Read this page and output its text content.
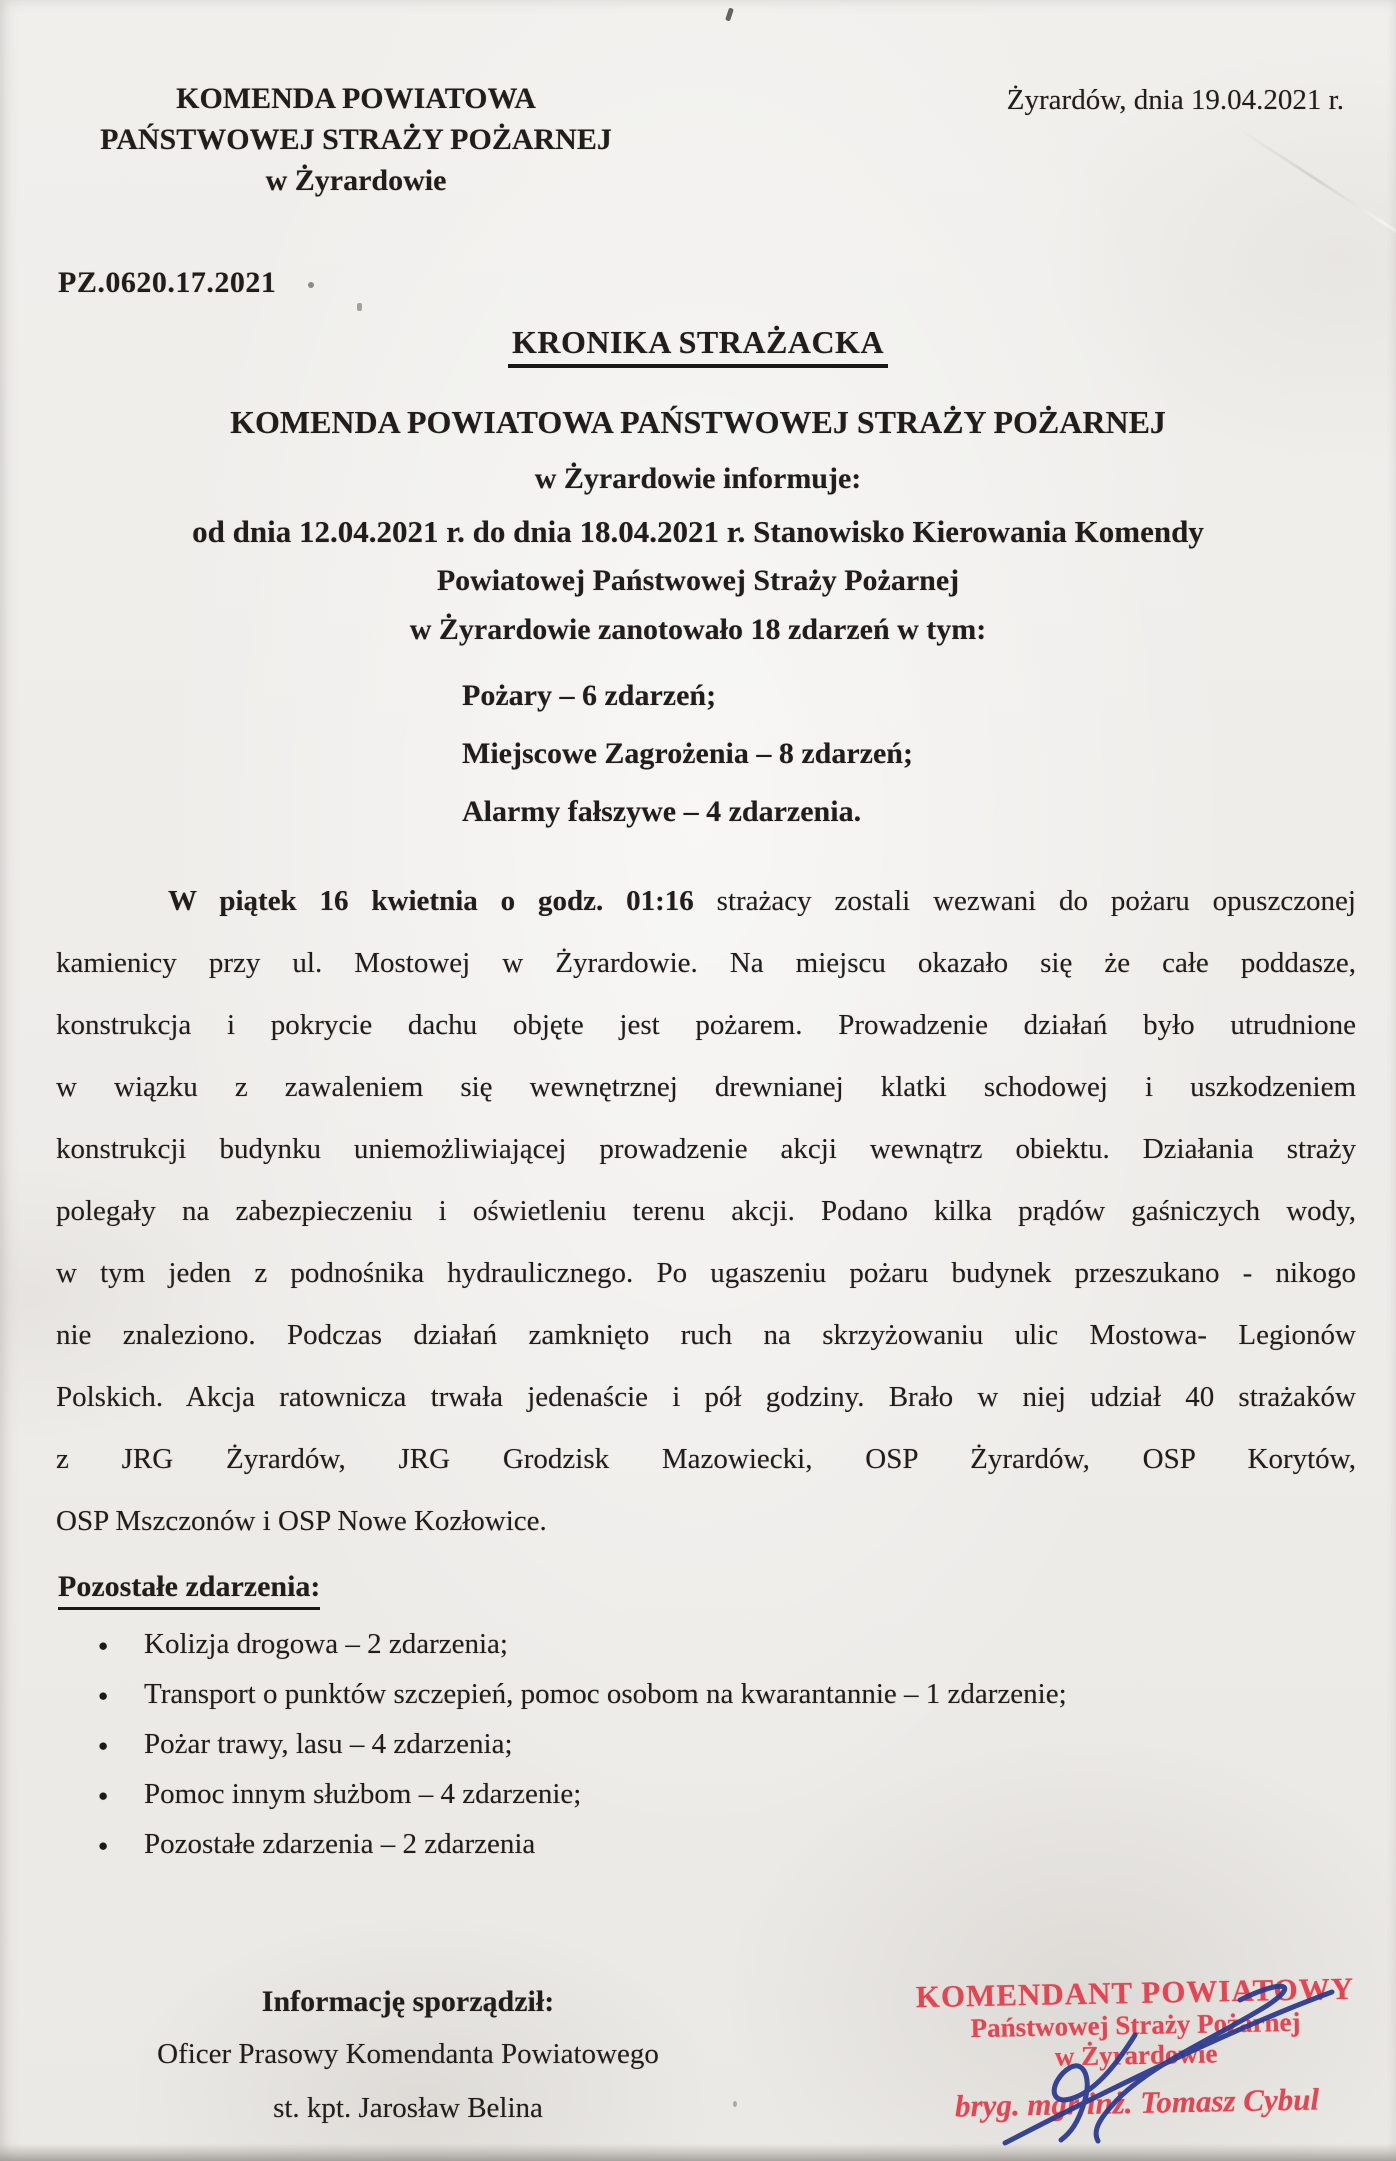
KOMENDA POWIATOWA
PAŃSTWOWEJ STRAŻY POŻARNEJ
w Żyrardowie
Żyrardów, dnia 19.04.2021 r.
PZ.0620.17.2021
KRONIKA STRAŻACKA
KOMENDA POWIATOWA PAŃSTWOWEJ STRAŻY POŻARNEJ
w Żyrardowie informuje:
od dnia 12.04.2021 r. do dnia 18.04.2021 r. Stanowisko Kierowania Komendy
Powiatowej Państwowej Straży Pożarnej
w Żyrardowie zanotowało 18 zdarzeń w tym:
Pożary – 6 zdarzeń;
Miejscowe Zagrożenia – 8 zdarzeń;
Alarmy fałszywe – 4 zdarzenia.
W piątek 16 kwietnia o godz. 01:16 strażacy zostali wezwani do pożaru opuszczonej
kamienicy przy ul. Mostowej w Żyrardowie. Na miejscu okazało się że całe poddasze,
konstrukcja i pokrycie dachu objęte jest pożarem. Prowadzenie działań było utrudnione
w wiązku z zawaleniem się wewnętrznej drewnianej klatki schodowej i uszkodzeniem
konstrukcji budynku uniemożliwiającej prowadzenie akcji wewnątrz obiektu. Działania straży
polegały na zabezpieczeniu i oświetleniu terenu akcji. Podano kilka prądów gaśniczych wody,
w tym jeden z podnośnika hydraulicznego. Po ugaszeniu pożaru budynek przeszukano - nikogo
nie znaleziono. Podczas działań zamknięto ruch na skrzyżowaniu ulic Mostowa- Legionów
Polskich. Akcja ratownicza trwała jedenaście i pół godziny. Brało w niej udział 40 strażaków
z JRG Żyrardów, JRG Grodzisk Mazowiecki, OSP Żyrardów, OSP Korytów,
OSP Mszczonów i OSP Nowe Kozłowice.
Pozostałe zdarzenia:
● Kolizja drogowa – 2 zdarzenia;
● Transport o punktów szczepień, pomoc osobom na kwarantannie – 1 zdarzenie;
● Pożar trawy, lasu – 4 zdarzenia;
● Pomoc innym służbom – 4 zdarzenie;
● Pozostałe zdarzenia – 2 zdarzenia
Informację sporządził:
Oficer Prasowy Komendanta Powiatowego
st. kpt. Jarosław Belina
KOMENDANT POWIATOWY
Państwowej Straży Pożarnej
w Żyrardowie
bryg. mgr inż. Tomasz Cybul
